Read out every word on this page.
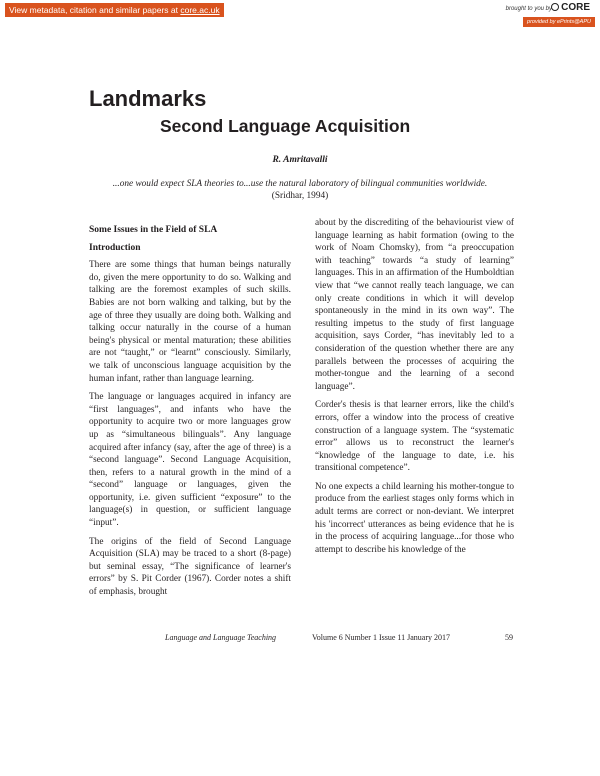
View metadata, citation and similar papers at core.ac.uk	brought to you by CORE
provided by ePrints@APU
Landmarks
Second Language Acquisition
R. Amritavalli
...one would expect SLA theories to...use the natural laboratory of bilingual communities worldwide. (Sridhar, 1994)
Some Issues in the Field of SLA
Introduction

There are some things that human beings naturally do, given the mere opportunity to do so. Walking and talking are the foremost examples of such skills. Babies are not born walking and talking, but by the age of three they usually are doing both. Walking and talking occur naturally in the course of a human being's physical or mental maturation; these abilities are not “taught,” or “learnt” consciously. Similarly, we talk of unconscious language acquisition by the human infant, rather than language learning.

The language or languages acquired in infancy are “first languages”, and infants who have the opportunity to acquire two or more languages grow up as “simultaneous bilinguals”. Any language acquired after infancy (say, after the age of three) is a “second language”. Second Language Acquisition, then, refers to a natural growth in the mind of a “second” language or languages, given the opportunity, i.e. given sufficient “exposure” to the language(s) in question, or sufficient language “input”.

The origins of the field of Second Language Acquisition (SLA) may be traced to a short (8-page) but seminal essay, “The significance of learner's errors” by S. Pit Corder (1967). Corder notes a shift of emphasis, brought

about by the discrediting of the behaviourist view of language learning as habit formation (owing to the work of Noam Chomsky), from “a preoccupation with teaching” towards “a study of learning” languages. This in an affirmation of the Humboldtian view that “we cannot really teach language, we can only create conditions in which it will develop spontaneously in the mind in its own way”. The resulting impetus to the study of first language acquisition, says Corder, “has inevitably led to a consideration of the question whether there are any parallels between the processes of acquiring the mother-tongue and the learning of a second language”.

Corder's thesis is that learner errors, like the child's errors, offer a window into the process of creative construction of a language system. The “systematic error” allows us to reconstruct the learner's “knowledge of the language to date, i.e. his transitional competence”.

No one expects a child learning his mother-tongue to produce from the earliest stages only forms which in adult terms are correct or non-deviant. We interpret his 'incorrect' utterances as being evidence that he is in the process of acquiring language...for those who attempt to describe his knowledge of the

Language and Language Teaching	Volume 6 Number 1 Issue 11 January 2017	59
